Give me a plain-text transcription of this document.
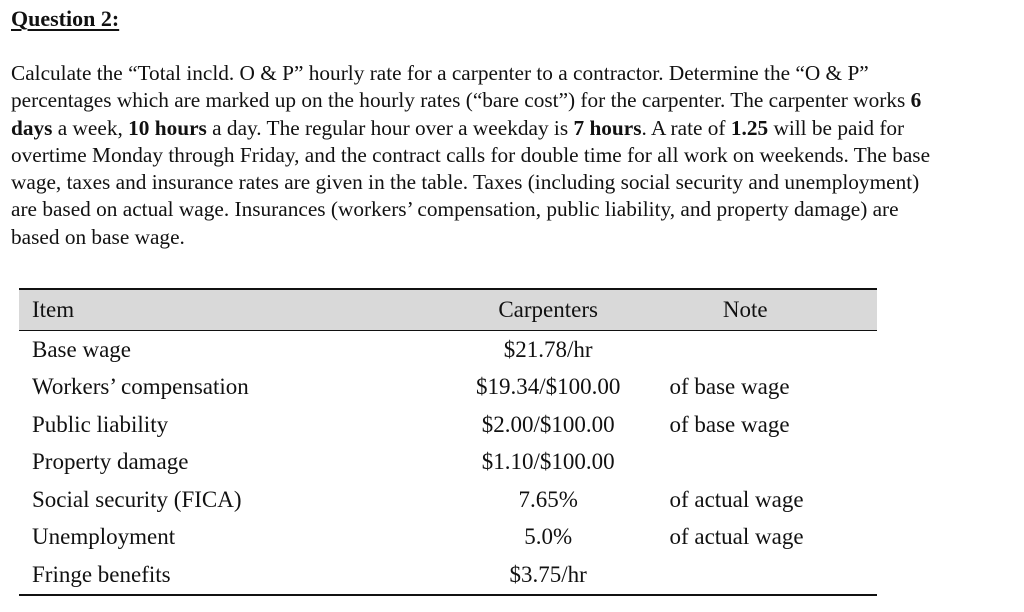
Question 2:

Calculate the “Total incld. O & P” hourly rate for a carpenter to a contractor. Determine the “O & P” percentages which are marked up on the hourly rates (“bare cost”) for the carpenter. The carpenter works 6 days a week, 10 hours a day. The regular hour over a weekday is 7 hours. A rate of 1.25 will be paid for overtime Monday through Friday, and the contract calls for double time for all work on weekends. The base wage, taxes and insurance rates are given in the table. Taxes (including social security and unemployment) are based on actual wage. Insurances (workers’ compensation, public liability, and property damage) are based on base wage.

Item	Carpenters	Note
Base wage	$21.78/hr	
Workers’ compensation	$19.34/$100.00	of base wage
Public liability	$2.00/$100.00	of base wage
Property damage	$1.10/$100.00	
Social security (FICA)	7.65%	of actual wage
Unemployment	5.0%	of actual wage
Fringe benefits	$3.75/hr	
